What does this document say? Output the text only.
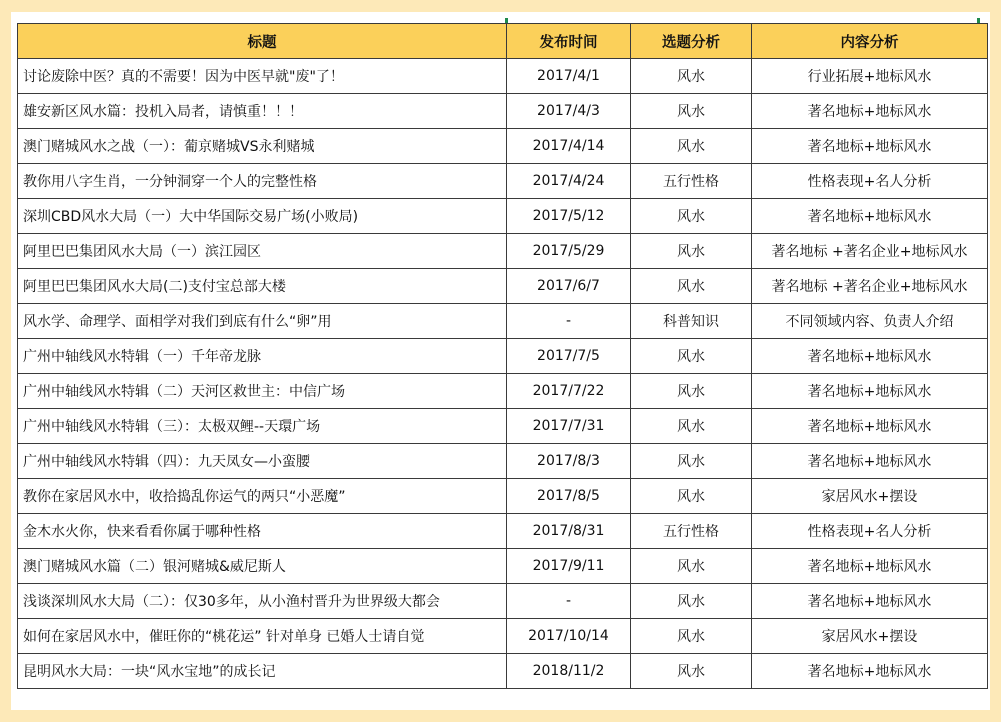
标题	发布时间	选题分析	内容分析
讨论废除中医？真的不需要！因为中医早就"废"了！	2017/4/1	风水	行业拓展+地标风水
雄安新区风水篇：投机入局者，请慎重！！！	2017/4/3	风水	著名地标+地标风水
澳门赌城风水之战（一）：葡京赌城VS永利赌城	2017/4/14	风水	著名地标+地标风水
教你用八字生肖，一分钟洞穿一个人的完整性格	2017/4/24	五行性格	性格表现+名人分析
深圳CBD风水大局（一）大中华国际交易广场(小败局)	2017/5/12	风水	著名地标+地标风水
阿里巴巴集团风水大局（一）滨江园区	2017/5/29	风水	著名地标 +著名企业+地标风水
阿里巴巴集团风水大局(二)支付宝总部大楼	2017/6/7	风水	著名地标 +著名企业+地标风水
风水学、命理学、面相学对我们到底有什么“卵”用	-	科普知识	不同领域内容、负责人介绍
广州中轴线风水特辑（一）千年帝龙脉	2017/7/5	风水	著名地标+地标风水
广州中轴线风水特辑（二）天河区救世主：中信广场	2017/7/22	风水	著名地标+地标风水
广州中轴线风水特辑（三）：太极双鲤--天環广场	2017/7/31	风水	著名地标+地标风水
广州中轴线风水特辑（四）：九天凤女—小蛮腰	2017/8/3	风水	著名地标+地标风水
教你在家居风水中，收拾捣乱你运气的两只“小恶魔”	2017/8/5	风水	家居风水+摆设
金木水火你，快来看看你属于哪种性格	2017/8/31	五行性格	性格表现+名人分析
澳门赌城风水篇（二）银河赌城&威尼斯人	2017/9/11	风水	著名地标+地标风水
浅谈深圳风水大局（二）：仅30多年，从小渔村晋升为世界级大都会	-	风水	著名地标+地标风水
如何在家居风水中，催旺你的“桃花运” 针对单身 已婚人士请自觉	2017/10/14	风水	家居风水+摆设
昆明风水大局：一块“风水宝地”的成长记	2018/11/2	风水	著名地标+地标风水
